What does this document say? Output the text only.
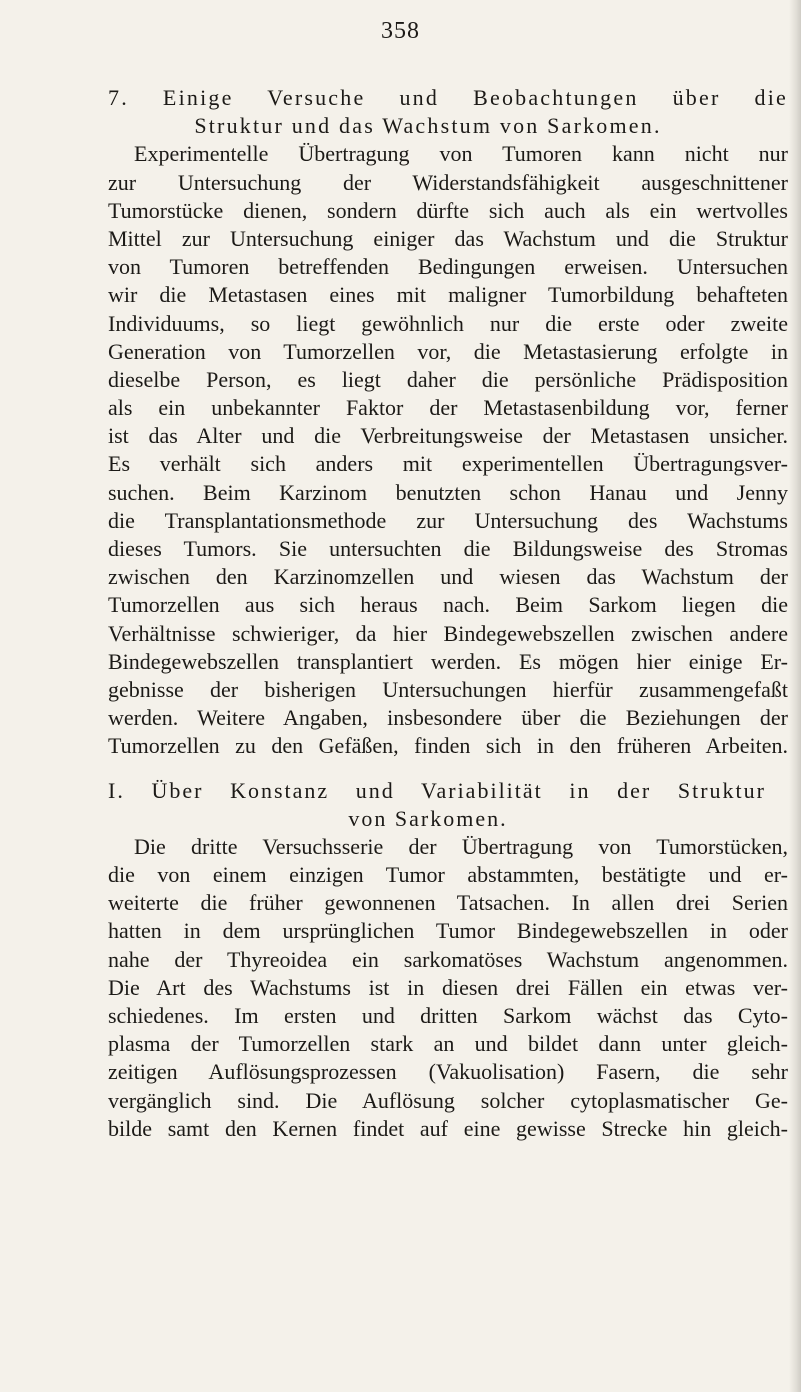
358
7. Einige Versuche und Beobachtungen über die
Struktur und das Wachstum von Sarkomen.
Experimentelle Übertragung von Tumoren kann nicht nur
zur Untersuchung der Widerstandsfähigkeit ausgeschnittener
Tumorstücke dienen, sondern dürfte sich auch als ein wertvolles
Mittel zur Untersuchung einiger das Wachstum und die Struktur
von Tumoren betreffenden Bedingungen erweisen. Untersuchen
wir die Metastasen eines mit maligner Tumorbildung behafteten
Individuums, so liegt gewöhnlich nur die erste oder zweite
Generation von Tumorzellen vor, die Metastasierung erfolgte in
dieselbe Person, es liegt daher die persönliche Prädisposition
als ein unbekannter Faktor der Metastasenbildung vor, ferner
ist das Alter und die Verbreitungsweise der Metastasen unsicher.
Es verhält sich anders mit experimentellen Übertragungsver-
suchen. Beim Karzinom benutzten schon Hanau und Jenny
die Transplantationsmethode zur Untersuchung des Wachstums
dieses Tumors. Sie untersuchten die Bildungsweise des Stromas
zwischen den Karzinomzellen und wiesen das Wachstum der
Tumorzellen aus sich heraus nach. Beim Sarkom liegen die
Verhältnisse schwieriger, da hier Bindegewebszellen zwischen andere
Bindegewebszellen transplantiert werden. Es mögen hier einige Er-
gebnisse der bisherigen Untersuchungen hierfür zusammengefaßt
werden. Weitere Angaben, insbesondere über die Beziehungen der
Tumorzellen zu den Gefäßen, finden sich in den früheren Arbeiten.
I. Über Konstanz und Variabilität in der Struktur
von Sarkomen.
Die dritte Versuchsserie der Übertragung von Tumorstücken,
die von einem einzigen Tumor abstammten, bestätigte und er-
weiterte die früher gewonnenen Tatsachen. In allen drei Serien
hatten in dem ursprünglichen Tumor Bindegewebszellen in oder
nahe der Thyreoidea ein sarkomatöses Wachstum angenommen.
Die Art des Wachstums ist in diesen drei Fällen ein etwas ver-
schiedenes. Im ersten und dritten Sarkom wächst das Cyto-
plasma der Tumorzellen stark an und bildet dann unter gleich-
zeitigen Auflösungsprozessen (Vakuolisation) Fasern, die sehr
vergänglich sind. Die Auflösung solcher cytoplasmatischer Ge-
bilde samt den Kernen findet auf eine gewisse Strecke hin gleich-
